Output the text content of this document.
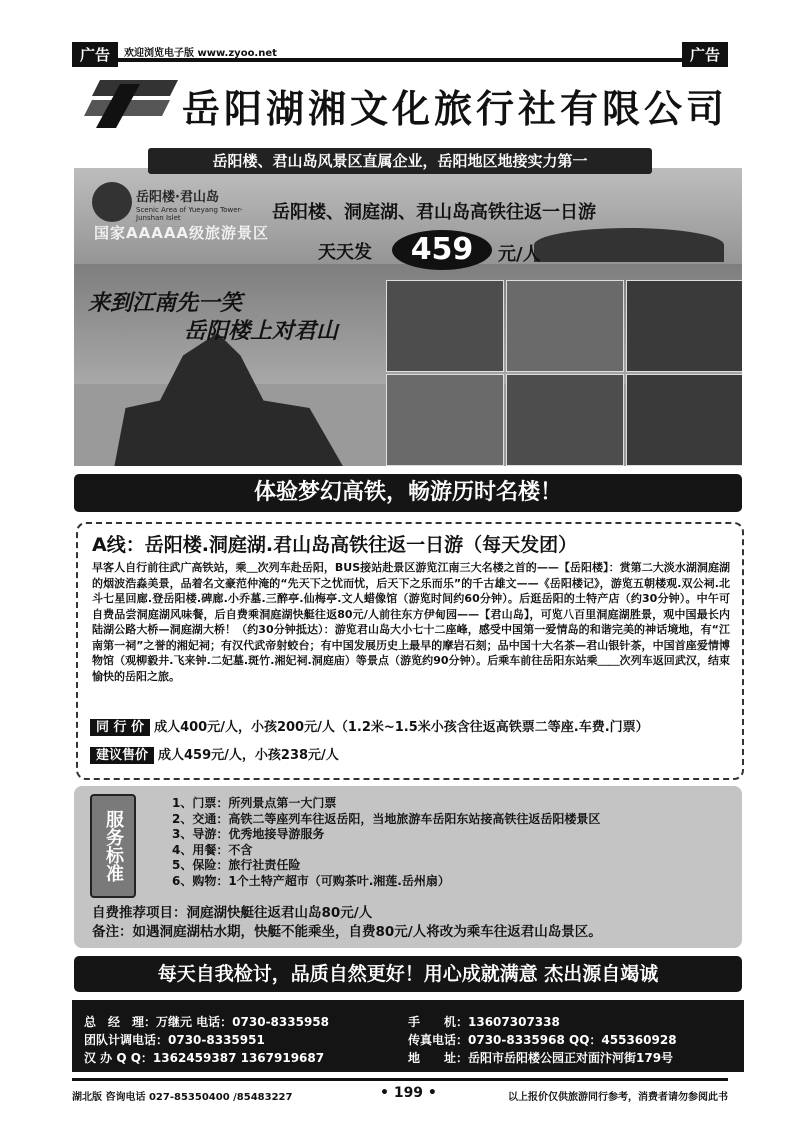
广告	欢迎浏览电子版 www.zyoo.net	广告
岳阳湖湘文化旅行社有限公司
岳阳楼·君山岛
Scenic Area of Yueyang Tower-Junshan Islet
国家AAAAA级旅游景区
岳阳楼、洞庭湖、君山岛高铁往返一日游
天天发	459	元/人
来到江南先一笑
岳阳楼上对君山
岳阳楼、君山岛风景区直属企业，岳阳地区地接实力第一
体验梦幻高铁，畅游历时名楼！
A线：岳阳楼.洞庭湖.君山岛高铁往返一日游（每天发团）
早客人自行前往武广高铁站，乘＿次列车赴岳阳，BUS接站赴景区游览江南三大名楼之首的——【岳阳楼】：赏第二大淡水湖洞庭湖的烟波浩淼美景，品着名文豪范仲淹的“先天下之忧而忧，后天下之乐而乐”的千古雄文——《岳阳楼记》，游览五朝楼观.双公祠.北斗七星回廊.登岳阳楼.碑廊.小乔墓.三醉亭.仙梅亭.文人蜡像馆（游览时间约60分钟）。后逛岳阳的土特产店（约30分钟）。中午可自费品尝洞庭湖风味餐，后自费乘洞庭湖快艇往返80元/人前往东方伊甸园——【君山岛】，可览八百里洞庭湖胜景，观中国最长内陆湖公路大桥—洞庭湖大桥！（约30分钟抵达）：游览君山岛大小七十二座峰，感受中国第一爱情岛的和谐完美的神话境地，有“江南第一祠”之誉的湘妃祠；有汉代武帝射蛟台；有中国发展历史上最早的摩岩石刻；品中国十大名茶—君山银针茶，中国首座爱情博物馆（观柳毅井.飞来钟.二妃墓.斑竹.湘妃祠.洞庭庙）等景点（游览约90分钟）。后乘车前往岳阳东站乘＿＿次列车返回武汉，结束愉快的岳阳之旅。
同 行 价 成人400元/人，小孩200元/人（1.2米~1.5米小孩含往返高铁票二等座.车费.门票）
建议售价 成人459元/人，小孩238元/人
服务标准
1、门票：所列景点第一大门票
2、交通：高铁二等座列车往返岳阳，当地旅游车岳阳东站接高铁往返岳阳楼景区
3、导游：优秀地接导游服务
4、用餐：不含
5、保险：旅行社责任险
6、购物：1个土特产超市（可购茶叶.湘莲.岳州扇）
自费推荐项目：洞庭湖快艇往返君山岛80元/人
备注：如遇洞庭湖枯水期，快艇不能乘坐，自费80元/人将改为乘车往返君山岛景区。
每天自我检讨，品质自然更好！用心成就满意 杰出源自竭诚
总　经　理：万继元 电话：0730-8335958	手　　机：13607307338
团队计调电话：0730-8335951	传真电话：0730-8335968 QQ：455360928
汉 办 Q Q：1362459387 1367919687	地　　址：岳阳市岳阳楼公园正对面汴河街179号
湖北版 咨询电话 027-85350400 /85483227	• 199 •	以上报价仅供旅游同行参考，消费者请勿参阅此书
